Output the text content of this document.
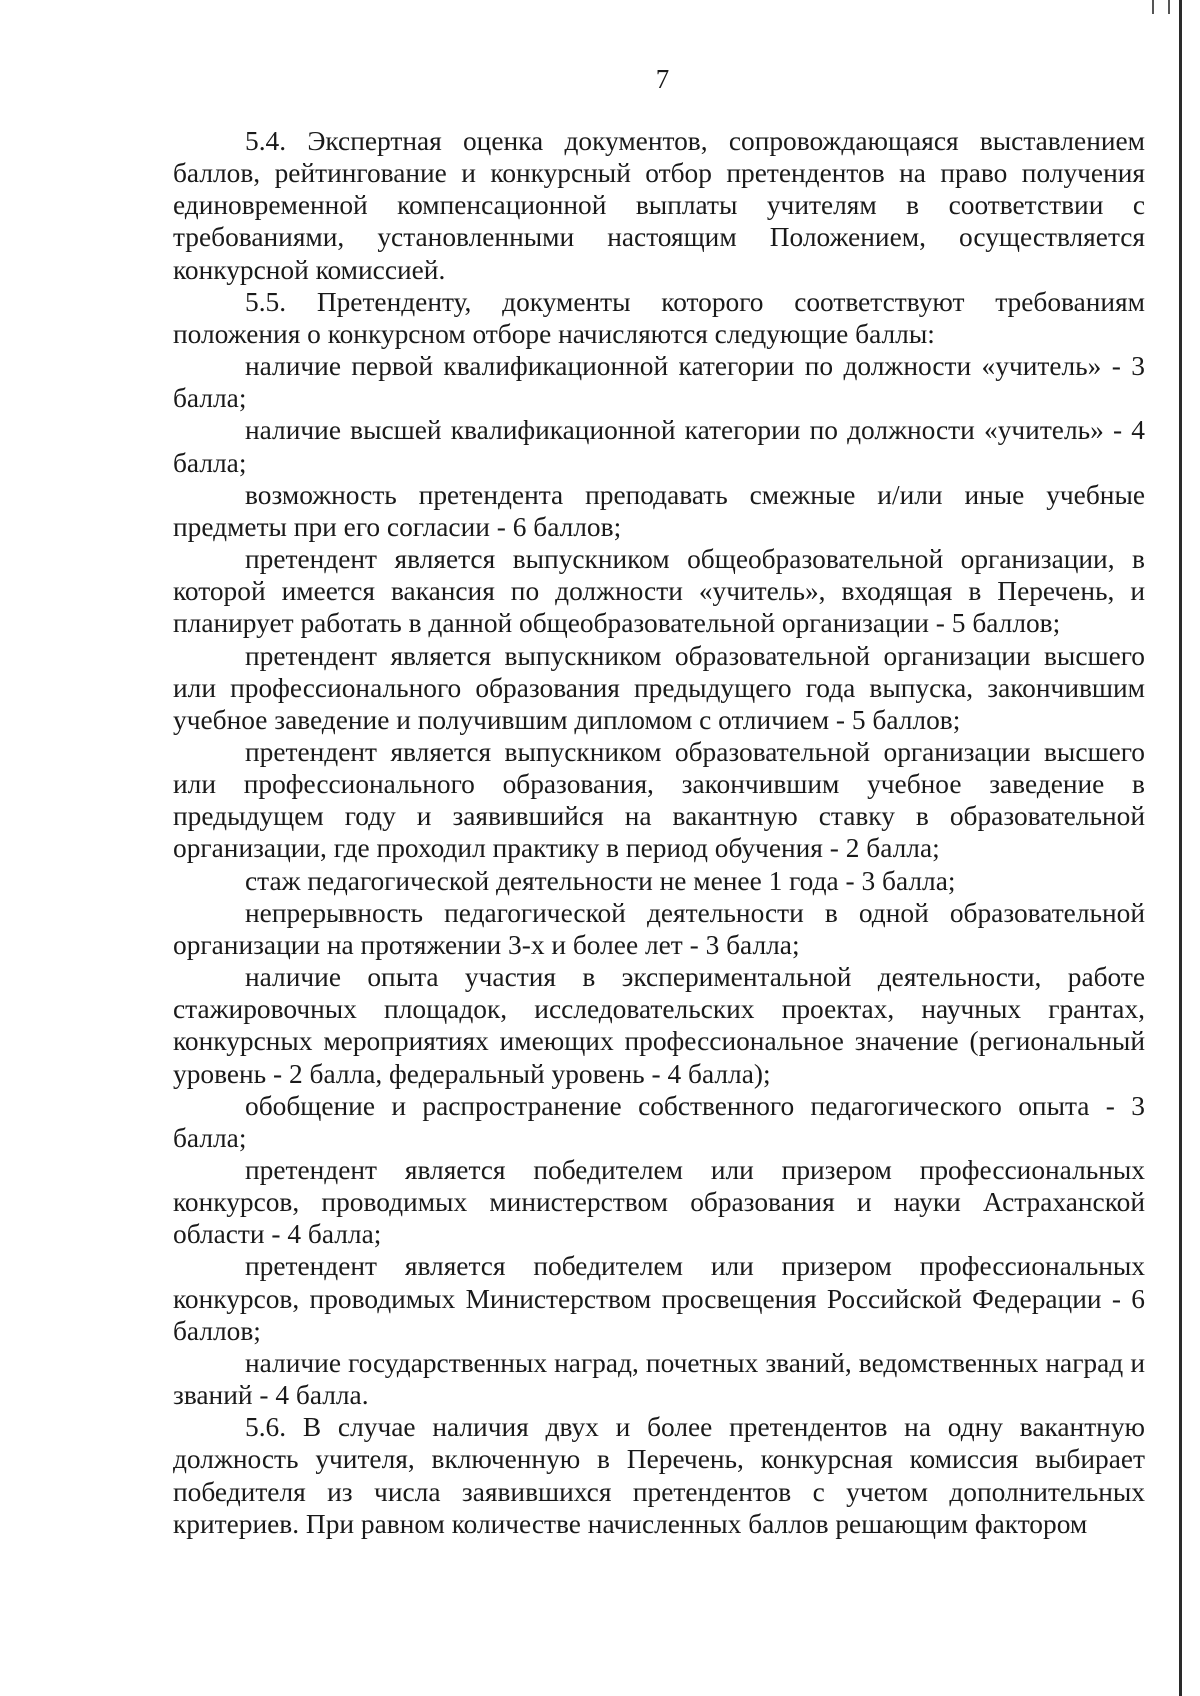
7

5.4. Экспертная оценка документов, сопровождающаяся выставлением баллов, рейтингование и конкурсный отбор претендентов на право получения единовременной компенсационной выплаты учителям в соответствии с требованиями, установленными настоящим Положением, осуществляется конкурсной комиссией.

5.5. Претенденту, документы которого соответствуют требованиям положения о конкурсном отборе начисляются следующие баллы:

наличие первой квалификационной категории по должности «учитель» - 3 балла;

наличие высшей квалификационной категории по должности «учитель» - 4 балла;

возможность претендента преподавать смежные и/или иные учебные предметы при его согласии - 6 баллов;

претендент является выпускником общеобразовательной организации, в которой имеется вакансия по должности «учитель», входящая в Перечень, и планирует работать в данной общеобразовательной организации - 5 баллов;

претендент является выпускником образовательной организации высшего или профессионального образования предыдущего года выпуска, закончившим учебное заведение и получившим дипломом с отличием - 5 баллов;

претендент является выпускником образовательной организации высшего или профессионального образования, закончившим учебное заведение в предыдущем году и заявившийся на вакантную ставку в образовательной организации, где проходил практику в период обучения - 2 балла;

стаж педагогической деятельности не менее 1 года - 3 балла;

непрерывность педагогической деятельности в одной образовательной организации на протяжении 3-х и более лет - 3 балла;

наличие опыта участия в экспериментальной деятельности, работе стажировочных площадок, исследовательских проектах, научных грантах, конкурсных мероприятиях имеющих профессиональное значение (региональный уровень - 2 балла, федеральный уровень - 4 балла);

обобщение и распространение собственного педагогического опыта - 3 балла;

претендент является победителем или призером профессиональных конкурсов, проводимых министерством образования и науки Астраханской области - 4 балла;

претендент является победителем или призером профессиональных конкурсов, проводимых Министерством просвещения Российской Федерации - 6 баллов;

наличие государственных наград, почетных званий, ведомственных наград и званий - 4 балла.

5.6. В случае наличия двух и более претендентов на одну вакантную должность учителя, включенную в Перечень, конкурсная комиссия выбирает победителя из числа заявившихся претендентов с учетом дополнительных критериев. При равном количестве начисленных баллов решающим фактором
